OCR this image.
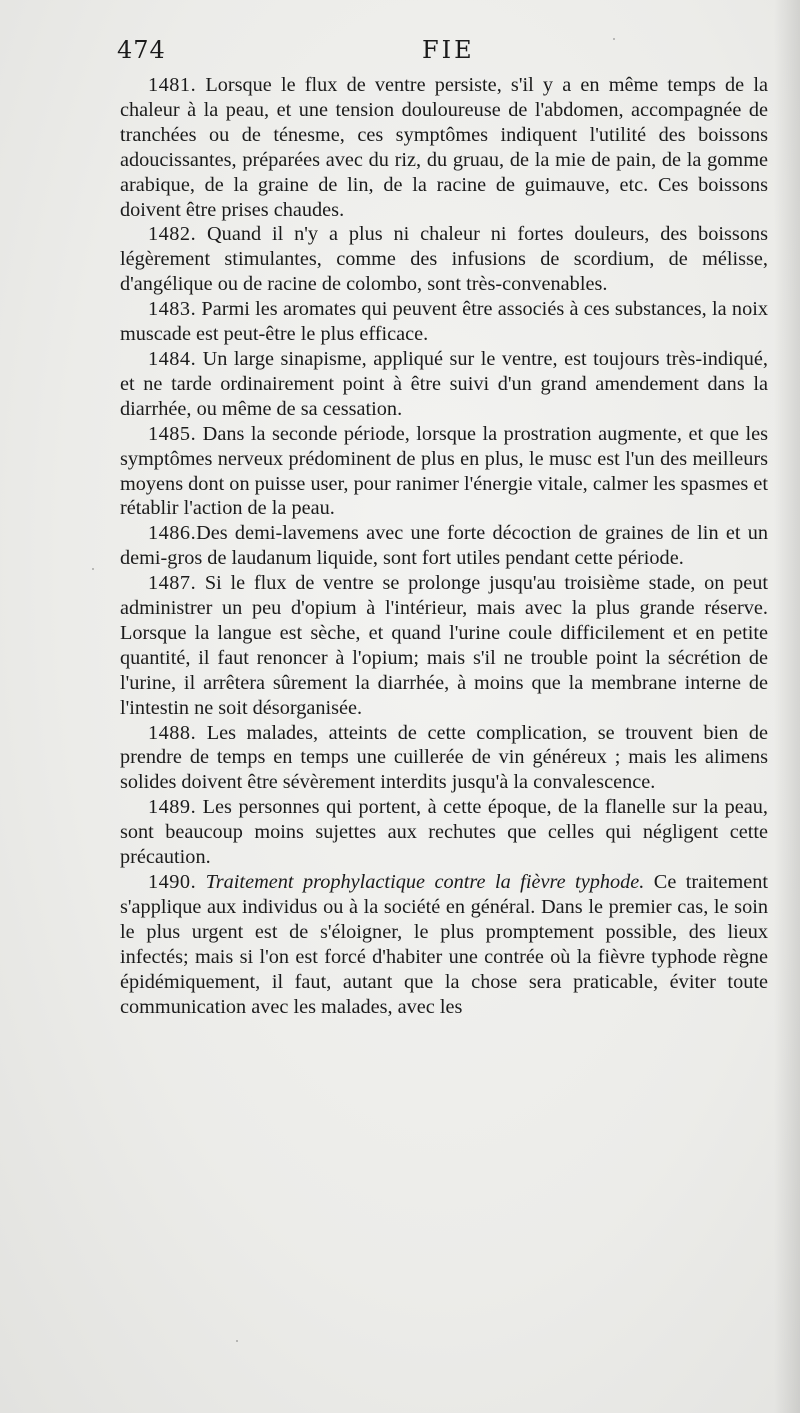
474	FIE

1481. Lorsque le flux de ventre persiste, s'il y a en même temps de la chaleur à la peau, et une tension douloureuse de l'abdomen, accompagnée de tranchées ou de ténesme, ces symptômes indiquent l'utilité des boissons adoucissantes, préparées avec du riz, du gruau, de la mie de pain, de la gomme arabique, de la graine de lin, de la racine de guimauve, etc. Ces boissons doivent être prises chaudes.

1482. Quand il n'y a plus ni chaleur ni fortes douleurs, des boissons légèrement stimulantes, comme des infusions de scordium, de mélisse, d'angélique ou de racine de colombo, sont très-convenables.

1483. Parmi les aromates qui peuvent être associés à ces substances, la noix muscade est peut-être le plus efficace.

1484. Un large sinapisme, appliqué sur le ventre, est toujours très-indiqué, et ne tarde ordinairement point à être suivi d'un grand amendement dans la diarrhée, ou même de sa cessation.

1485. Dans la seconde période, lorsque la prostration augmente, et que les symptômes nerveux prédominent de plus en plus, le musc est l'un des meilleurs moyens dont on puisse user, pour ranimer l'énergie vitale, calmer les spasmes et rétablir l'action de la peau.

1486.Des demi-lavemens avec une forte décoction de graines de lin et un demi-gros de laudanum liquide, sont fort utiles pendant cette période.

1487. Si le flux de ventre se prolonge jusqu'au troisième stade, on peut administrer un peu d'opium à l'intérieur, mais avec la plus grande réserve. Lorsque la langue est sèche, et quand l'urine coule difficilement et en petite quantité, il faut renoncer à l'opium; mais s'il ne trouble point la sécrétion de l'urine, il arrêtera sûrement la diarrhée, à moins que la membrane interne de l'intestin ne soit désorganisée.

1488. Les malades, atteints de cette complication, se trouvent bien de prendre de temps en temps une cuillerée de vin généreux ; mais les alimens solides doivent être sévèrement interdits jusqu'à la convalescence.

1489. Les personnes qui portent, à cette époque, de la flanelle sur la peau, sont beaucoup moins sujettes aux rechutes que celles qui négligent cette précaution.

1490. Traitement prophylactique contre la fièvre typhode. Ce traitement s'applique aux individus ou à la société en général. Dans le premier cas, le soin le plus urgent est de s'éloigner, le plus promptement possible, des lieux infectés; mais si l'on est forcé d'habiter une contrée où la fièvre typhode règne épidémiquement, il faut, autant que la chose sera praticable, éviter toute communication avec les malades, avec les
